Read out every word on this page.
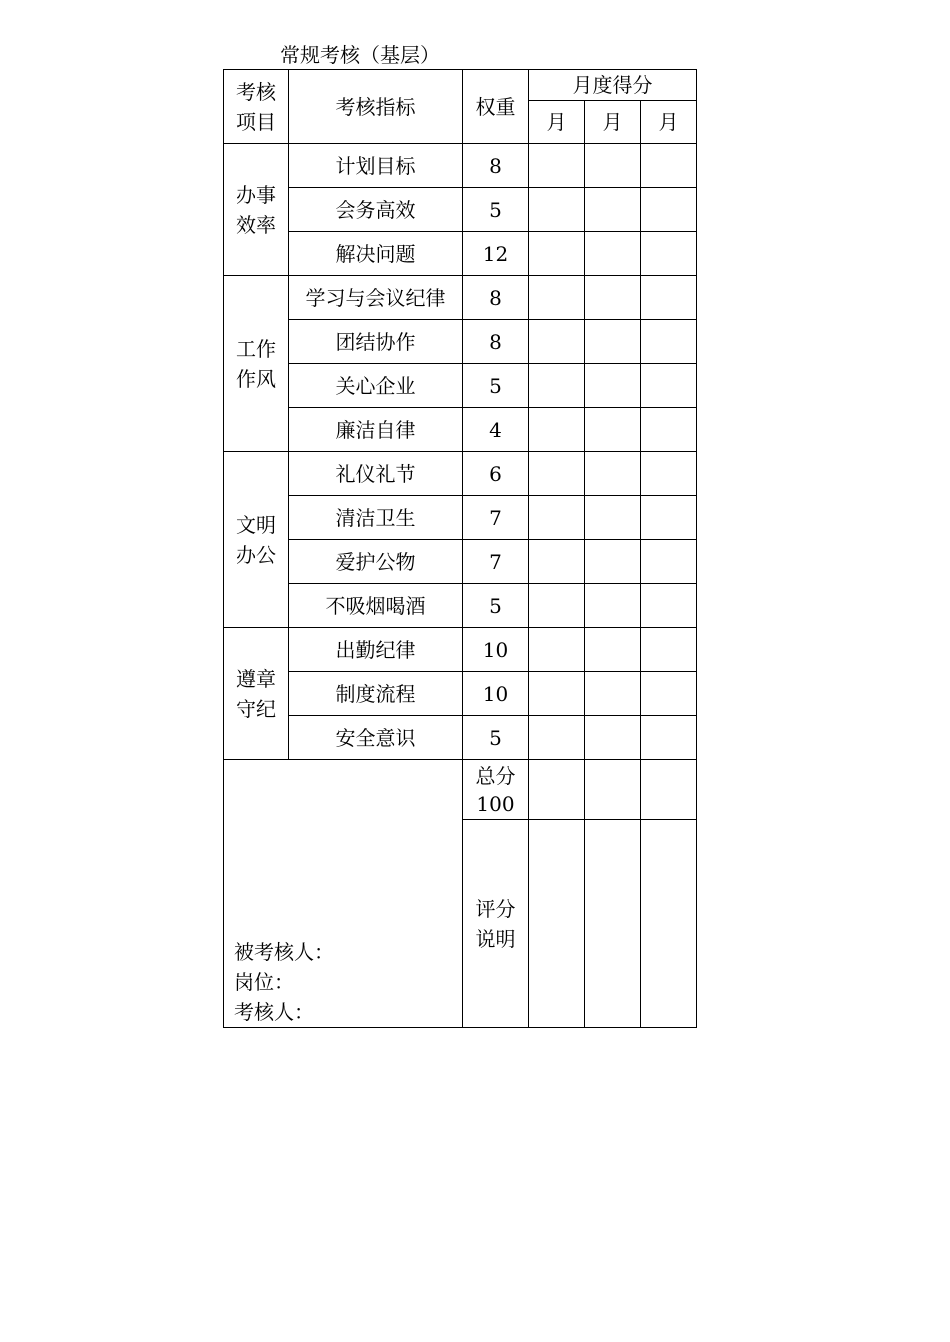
常规考核（基层）
考核
项目	考核指标	权重	月度得分		
			月	月	月
办事
效率	计划目标	8			
	会务高效	5			
	解决问题	12			
工作
作风	学习与会议纪律	8			
	团结协作	8			
	关心企业	5			
	廉洁自律	4			
文明
办公	礼仪礼节	6			
	清洁卫生	7			
	爱护公物	7			
	不吸烟喝酒	5			
遵章
守纪	出勤纪律	10			
	制度流程	10			
	安全意识	5			

被考核人：
岗位：
考核人：		总分
100			
		评分
说明			
